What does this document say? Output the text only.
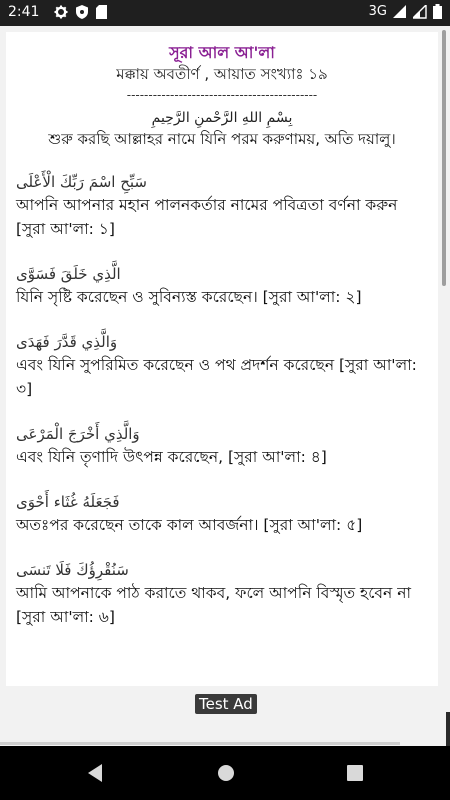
2:41	3G
সূরা আল আ'লা
মক্কায় অবতীর্ণ , আয়াত সংখ্যাঃ ১৯
--------------------------------------------
بِسْمِ اللهِ الرَّحْمنِ الرَّحِيمِ
শুরু করছি আল্লাহর নামে যিনি পরম করুণাময়, অতি দয়ালু।
سَبِّحِ اسْمَ رَبِّكَ الْأَعْلَى
আপনি আপনার মহান পালনকর্তার নামের পবিত্রতা বর্ণনা করুন [সুরা আ'লা: ১]
الَّذِي خَلَقَ فَسَوَّى
যিনি সৃষ্টি করেছেন ও সুবিন্যস্ত করেছেন। [সুরা আ'লা: ২]
وَالَّذِي قَدَّرَ فَهَدَى
এবং যিনি সুপরিমিত করেছেন ও পথ প্রদর্শন করেছেন [সুরা আ'লা: ৩]
وَالَّذِي أَخْرَجَ الْمَرْعَى
এবং যিনি তৃণাদি উৎপন্ন করেছেন, [সুরা আ'লা: ৪]
فَجَعَلَهُ غُثَاء أَحْوَى
অতঃপর করেছেন তাকে কাল আবর্জনা। [সুরা আ'লা: ৫]
سَنُقْرِؤُكَ فَلَا تَنسَى
আমি আপনাকে পাঠ করাতে থাকব, ফলে আপনি বিস্মৃত হবেন না [সুরা আ'লা: ৬]
Test Ad
